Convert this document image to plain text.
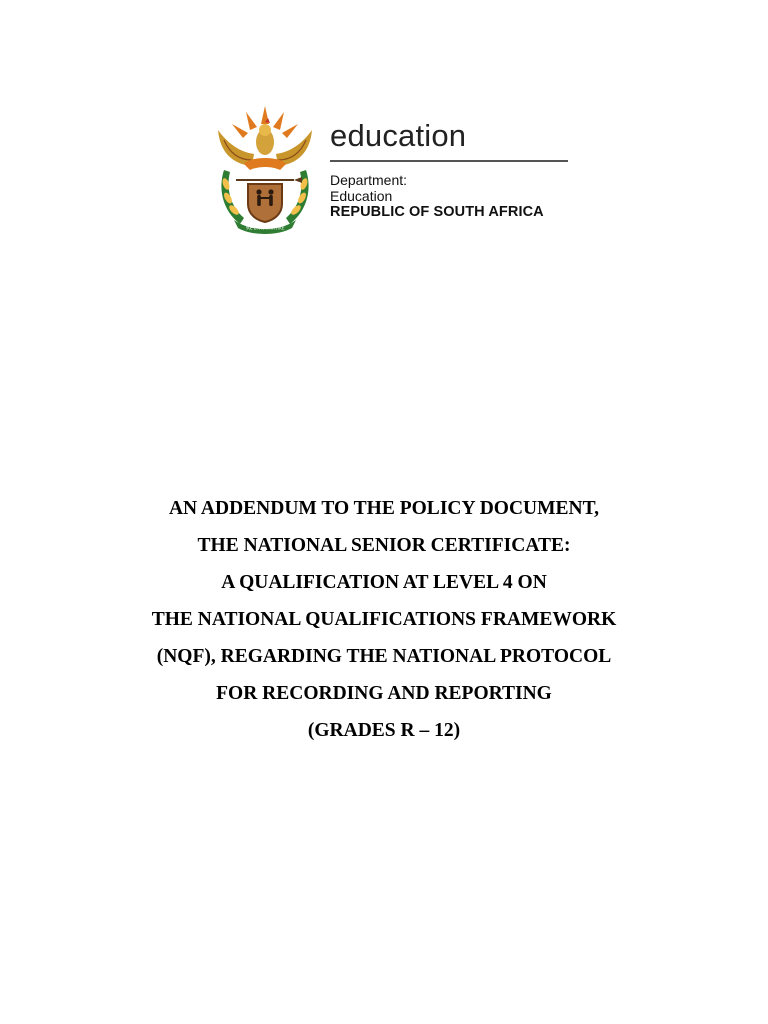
!KE E: /XARRA //KE
education
Department:
Education
REPUBLIC OF SOUTH AFRICA
AN ADDENDUM TO THE POLICY DOCUMENT,
THE NATIONAL SENIOR CERTIFICATE:
A QUALIFICATION AT LEVEL 4 ON
THE NATIONAL QUALIFICATIONS FRAMEWORK
(NQF), REGARDING THE NATIONAL PROTOCOL
FOR RECORDING AND REPORTING
(GRADES R – 12)
